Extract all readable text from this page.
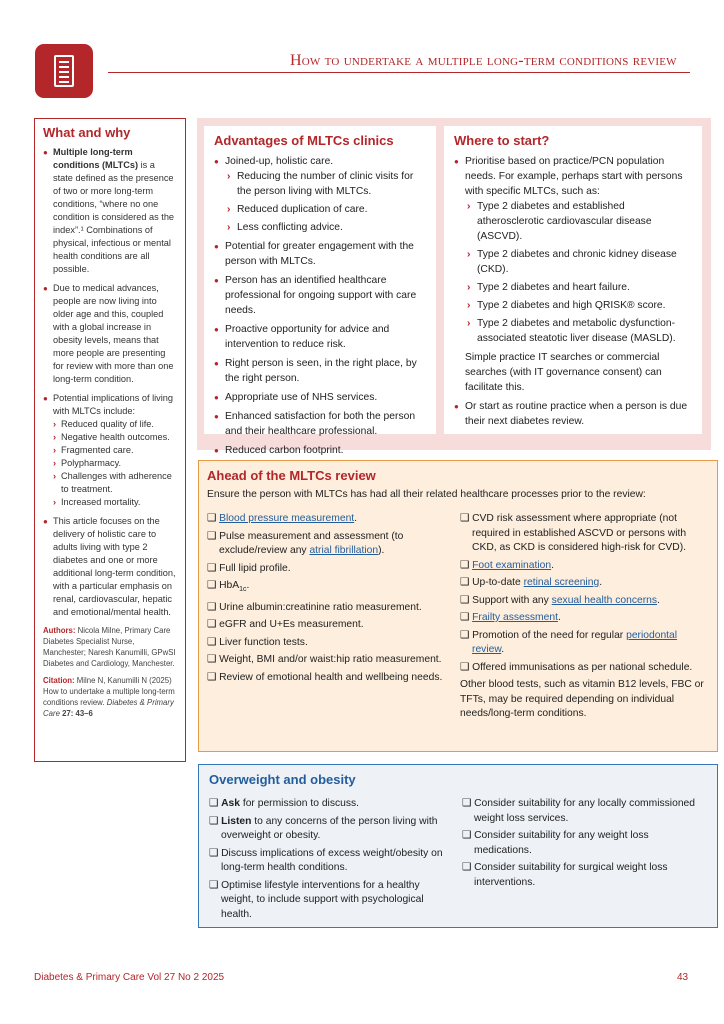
How to undertake a multiple long-term conditions review
What and why
● Multiple long-term conditions (MLTCs) is a state defined as the presence of two or more long-term conditions, “where no one condition is considered as the index”.¹ Combinations of physical, infectious or mental health conditions are all possible.
● Due to medical advances, people are now living into older age and this, coupled with a global increase in obesity levels, means that more people are presenting for review with more than one long-term condition.
● Potential implications of living with MLTCs include:
› Reduced quality of life.
› Negative health outcomes.
› Fragmented care.
› Polypharmacy.
› Challenges with adherence to treatment.
› Increased mortality.
● This article focuses on the delivery of holistic care to adults living with type 2 diabetes and one or more additional long-term condition, with a particular emphasis on renal, cardiovascular, hepatic and emotional/mental health.
Authors: Nicola Milne, Primary Care Diabetes Specialist Nurse, Manchester; Naresh Kanumilli, GPwSI Diabetes and Cardiology, Manchester.
Citation: Milne N, Kanumilli N (2025) How to undertake a multiple long-term conditions review. Diabetes & Primary Care 27: 43–6
Advantages of MLTCs clinics
● Joined-up, holistic care.
› Reducing the number of clinic visits for the person living with MLTCs.
› Reduced duplication of care.
› Less conflicting advice.
● Potential for greater engagement with the person with MLTCs.
● Person has an identified healthcare professional for ongoing support with care needs.
● Proactive opportunity for advice and intervention to reduce risk.
● Right person is seen, in the right place, by the right person.
● Appropriate use of NHS services.
● Enhanced satisfaction for both the person and their healthcare professional.
● Reduced carbon footprint.
Where to start?
● Prioritise based on practice/PCN population needs. For example, perhaps start with persons with specific MLTCs, such as:
› Type 2 diabetes and established atherosclerotic cardiovascular disease (ASCVD).
› Type 2 diabetes and chronic kidney disease (CKD).
› Type 2 diabetes and heart failure.
› Type 2 diabetes and high QRISK® score.
› Type 2 diabetes and metabolic dysfunction-associated steatotic liver disease (MASLD).

Simple practice IT searches or commercial searches (with IT governance consent) can facilitate this.

● Or start as routine practice when a person is due their next diabetes review.
Ahead of the MLTCs review

Ensure the person with MLTCs has had all their related healthcare processes prior to the review:

❑ Blood pressure measurement.
❑ Pulse measurement and assessment (to exclude/review any atrial fibrillation).
❑ Full lipid profile.
❑ HbA$_{1c}$.
❑ Urine albumin:creatinine ratio measurement.
❑ eGFR and U+Es measurement.
❑ Liver function tests.
❑ Weight, BMI and/or waist:hip ratio measurement.
❑ Review of emotional health and wellbeing needs.
❑ CVD risk assessment where appropriate (not required in established ASCVD or persons with CKD, as CKD is considered high-risk for CVD).
❑ Foot examination.
❑ Up-to-date retinal screening.
❑ Support with any sexual health concerns.
❑ Frailty assessment.
❑ Promotion of the need for regular periodontal review.
❑ Offered immunisations as per national schedule.
Other blood tests, such as vitamin B12 levels, FBC or TFTs, may be required depending on individual needs/long-term conditions.
Overweight and obesity
❑ Ask for permission to discuss.
❑ Listen to any concerns of the person living with overweight or obesity.
❑ Discuss implications of excess weight/obesity on long-term health conditions.
❑ Optimise lifestyle interventions for a healthy weight, to include support with psychological health.
❑ Consider suitability for any locally commissioned weight loss services.
❑ Consider suitability for any weight loss medications.
❑ Consider suitability for surgical weight loss interventions.
Diabetes & Primary Care Vol 27 No 2 2025	43
